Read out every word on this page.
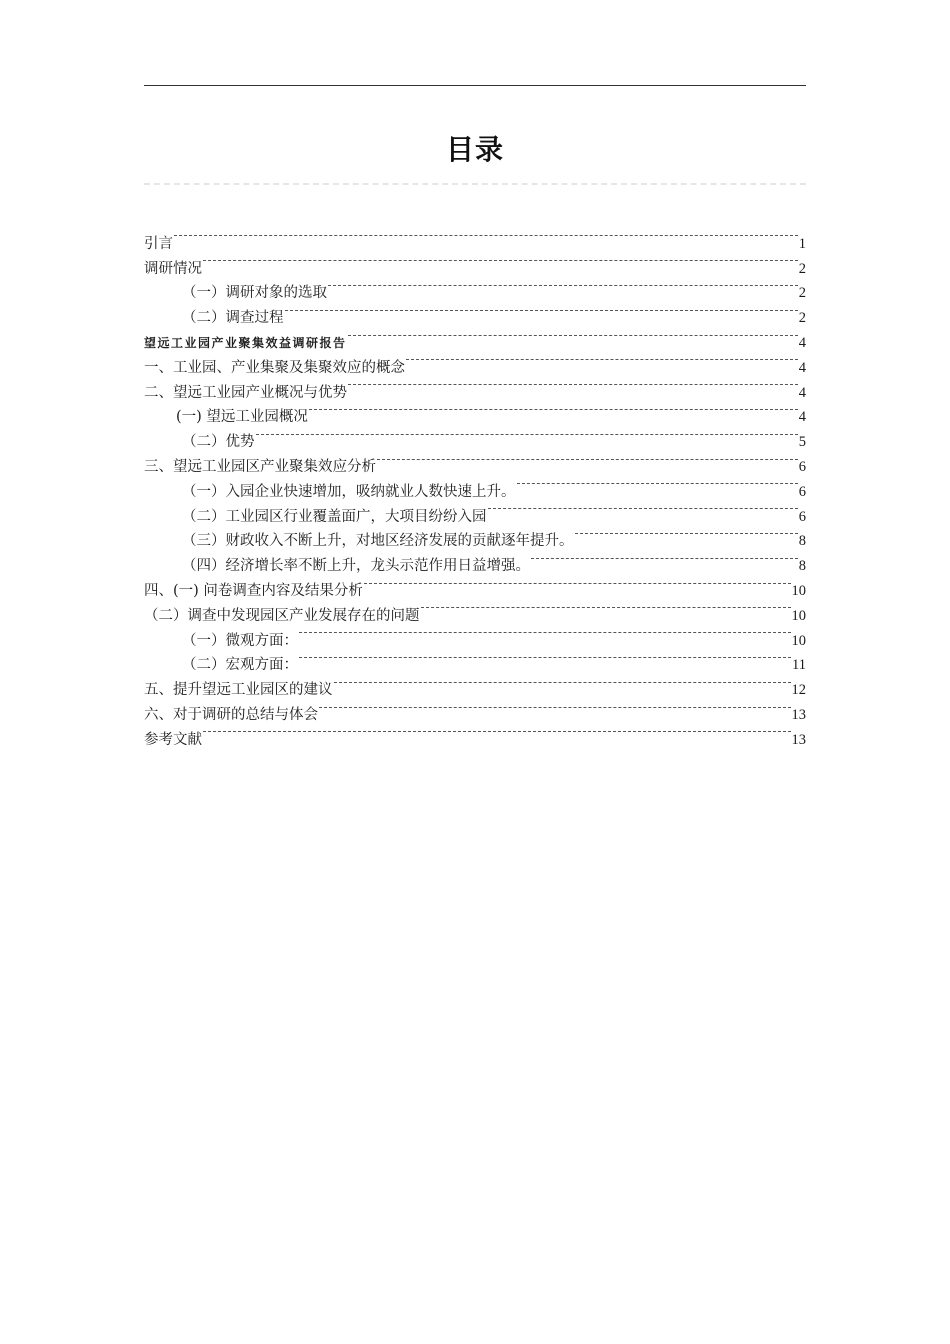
目录
引言	1
调研情况	2
（一）调研对象的选取	2
（二）调查过程	2
望远工业园产业聚集效益调研报告	4
一、工业园、产业集聚及集聚效应的概念	4
二、望远工业园产业概况与优势	4
(一) 望远工业园概况	4
（二）优势	5
三、望远工业园区产业聚集效应分析	6
（一）入园企业快速增加，吸纳就业人数快速上升。	6
（二）工业园区行业覆盖面广，大项目纷纷入园	6
（三）财政收入不断上升，对地区经济发展的贡献逐年提升。	8
（四）经济增长率不断上升，龙头示范作用日益增强。	8
四、(一) 问卷调查内容及结果分析	10
（二）调查中发现园区产业发展存在的问题	10
（一）微观方面：	10
（二）宏观方面：	11
五、提升望远工业园区的建议	12
六、对于调研的总结与体会	13
参考文献	13
